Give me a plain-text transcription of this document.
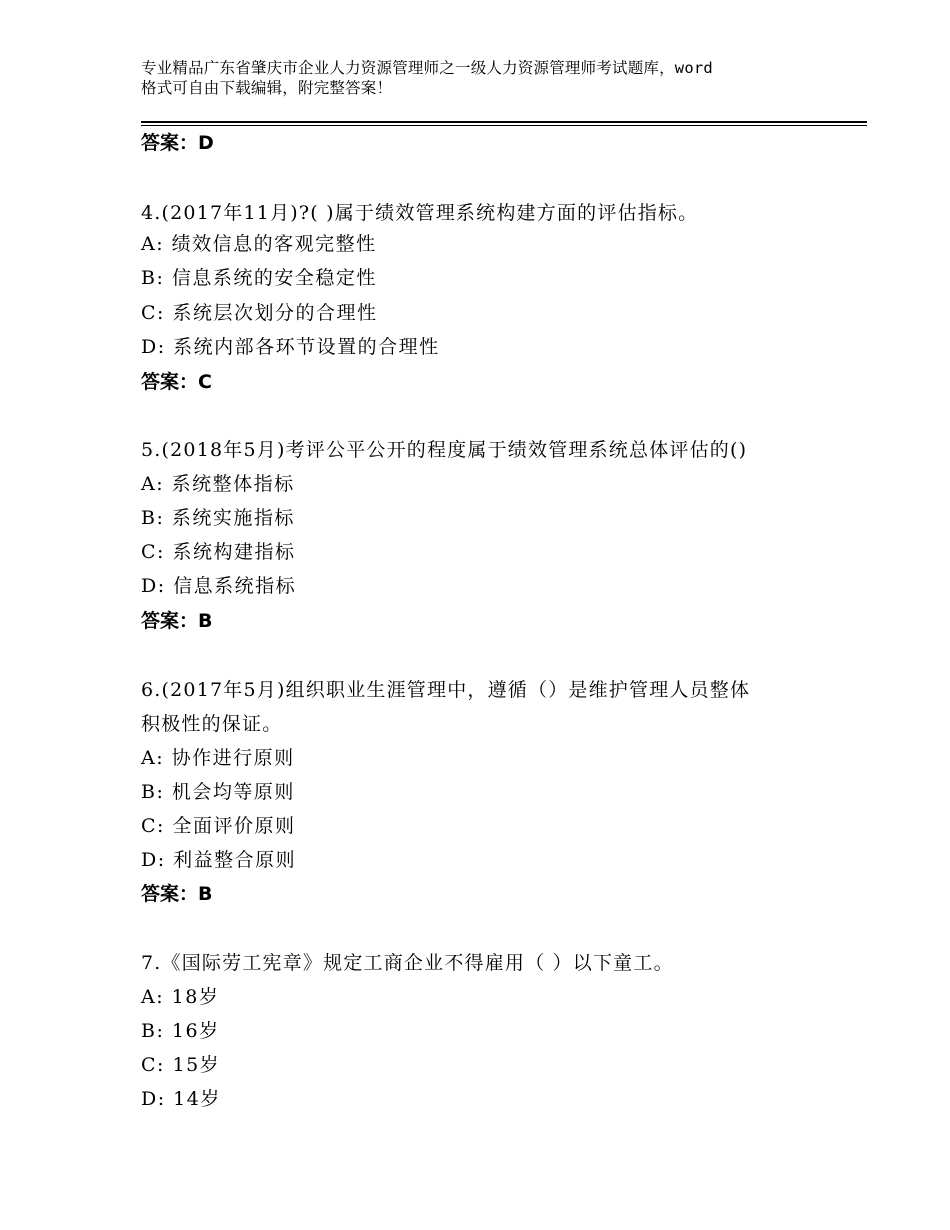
专业精品广东省肇庆市企业人力资源管理师之一级人力资源管理师考试题库，word
格式可自由下载编辑，附完整答案！
答案：D
4.(2017年11月)?( )属于绩效管理系统构建方面的评估指标。
A: 绩效信息的客观完整性
B: 信息系统的安全稳定性
C: 系统层次划分的合理性
D: 系统内部各环节设置的合理性
答案：C
5.(2018年5月)考评公平公开的程度属于绩效管理系统总体评估的()
A: 系统整体指标
B: 系统实施指标
C: 系统构建指标
D: 信息系统指标
答案：B
6.(2017年5月)组织职业生涯管理中，遵循（）是维护管理人员整体
积极性的保证。
A: 协作进行原则
B: 机会均等原则
C: 全面评价原则
D: 利益整合原则
答案：B
7.《国际劳工宪章》规定工商企业不得雇用（ ）以下童工。
A: 18岁
B: 16岁
C: 15岁
D: 14岁
